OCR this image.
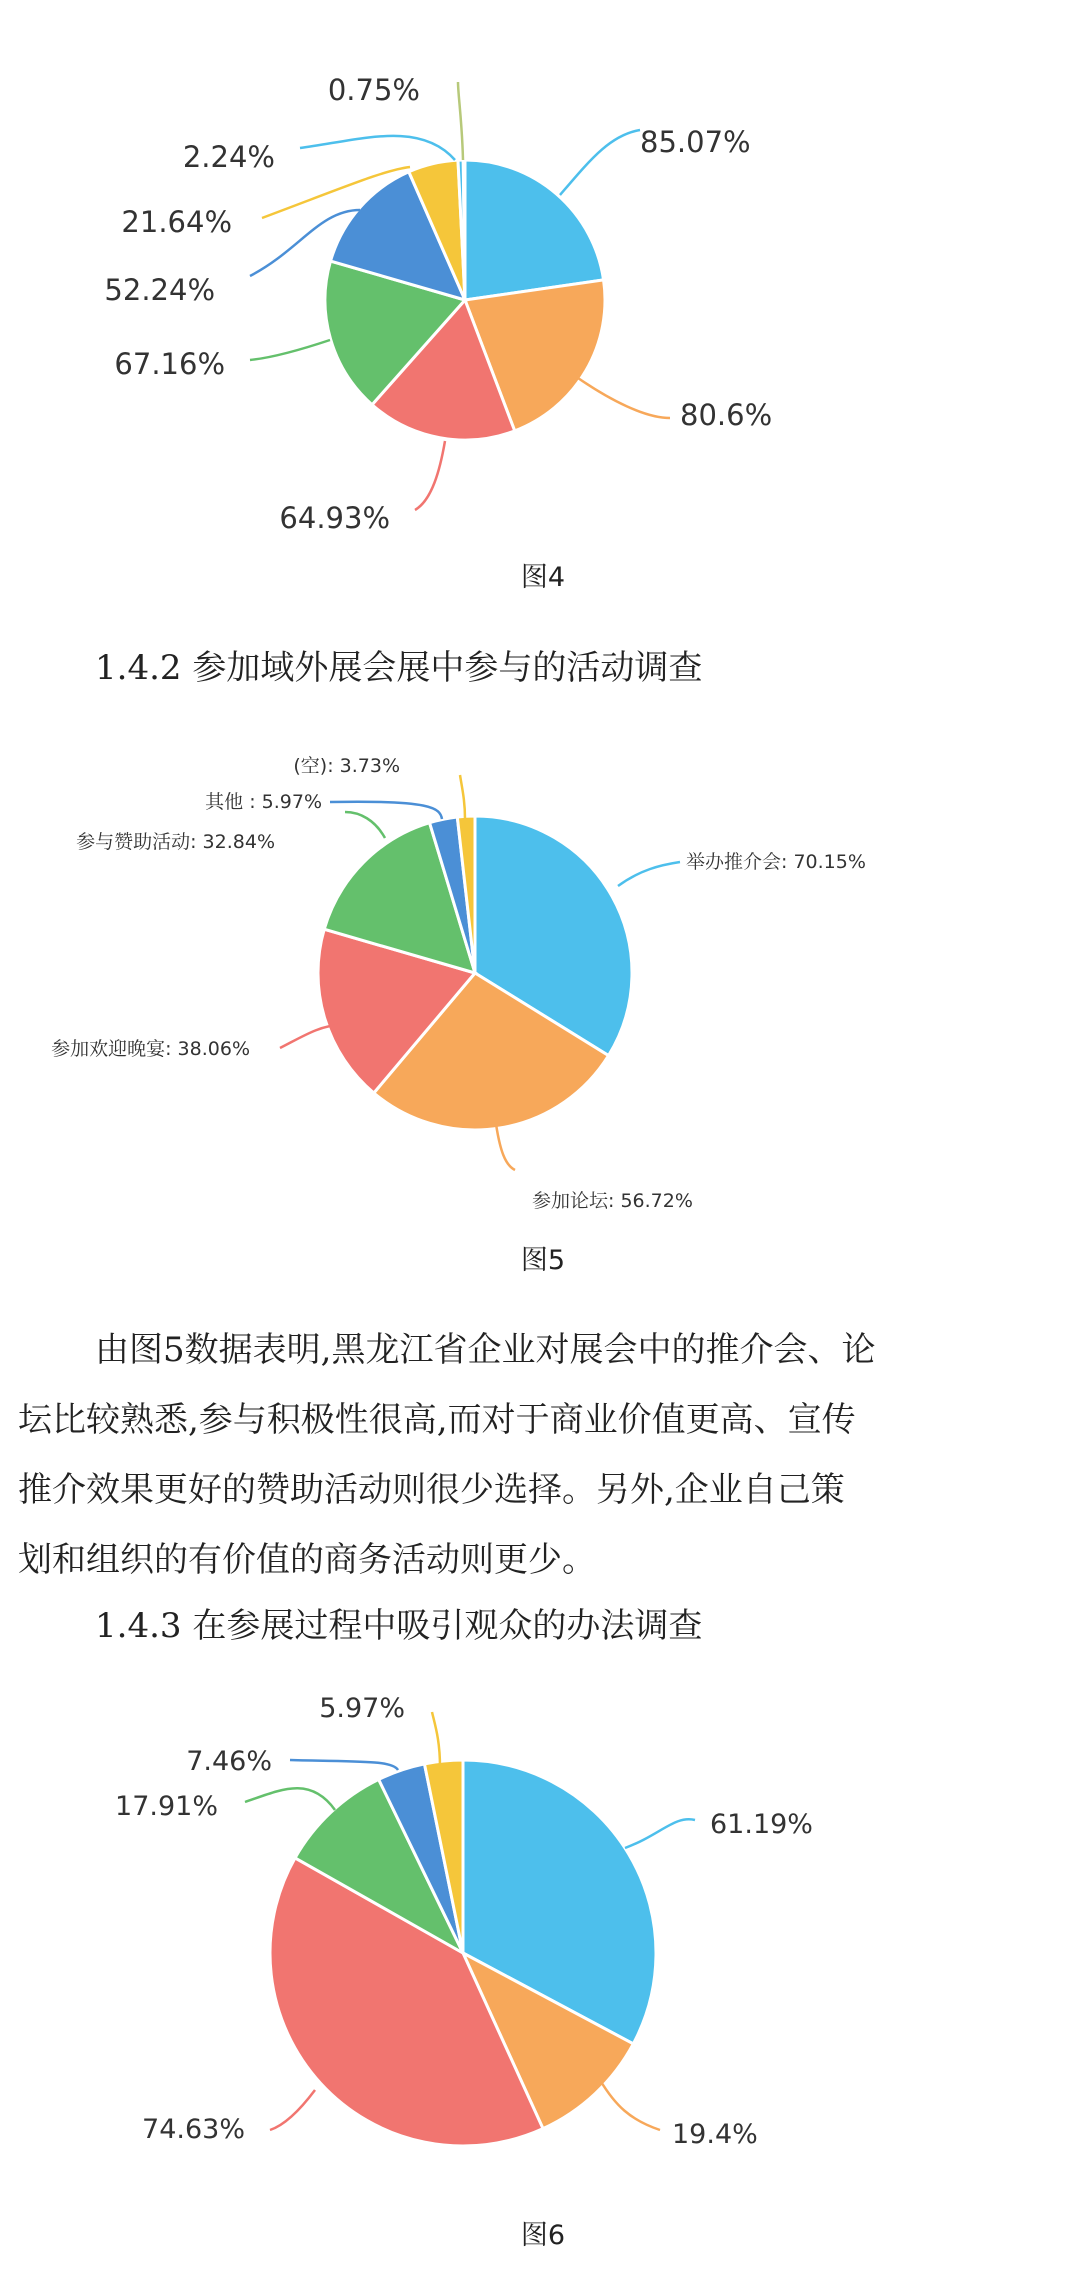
85.07%
80.6%
64.93%
67.16%
52.24%
21.64%
2.24%
0.75%
图4
1.4.2 参加域外展会展中参与的活动调查
举办推介会: 70.15%
参加论坛: 56.72%
参加欢迎晚宴: 38.06%
参与赞助活动: 32.84%
其他 : 5.97%
(空): 3.73%
图5
由图5数据表明,黑龙江省企业对展会中的推介会、论
坛比较熟悉,参与积极性很高,而对于商业价值更高、宣传
推介效果更好的赞助活动则很少选择。另外,企业自己策
划和组织的有价值的商务活动则更少。
1.4.3 在参展过程中吸引观众的办法调查
61.19%
19.4%
74.63%
17.91%
7.46%
5.97%
图6
